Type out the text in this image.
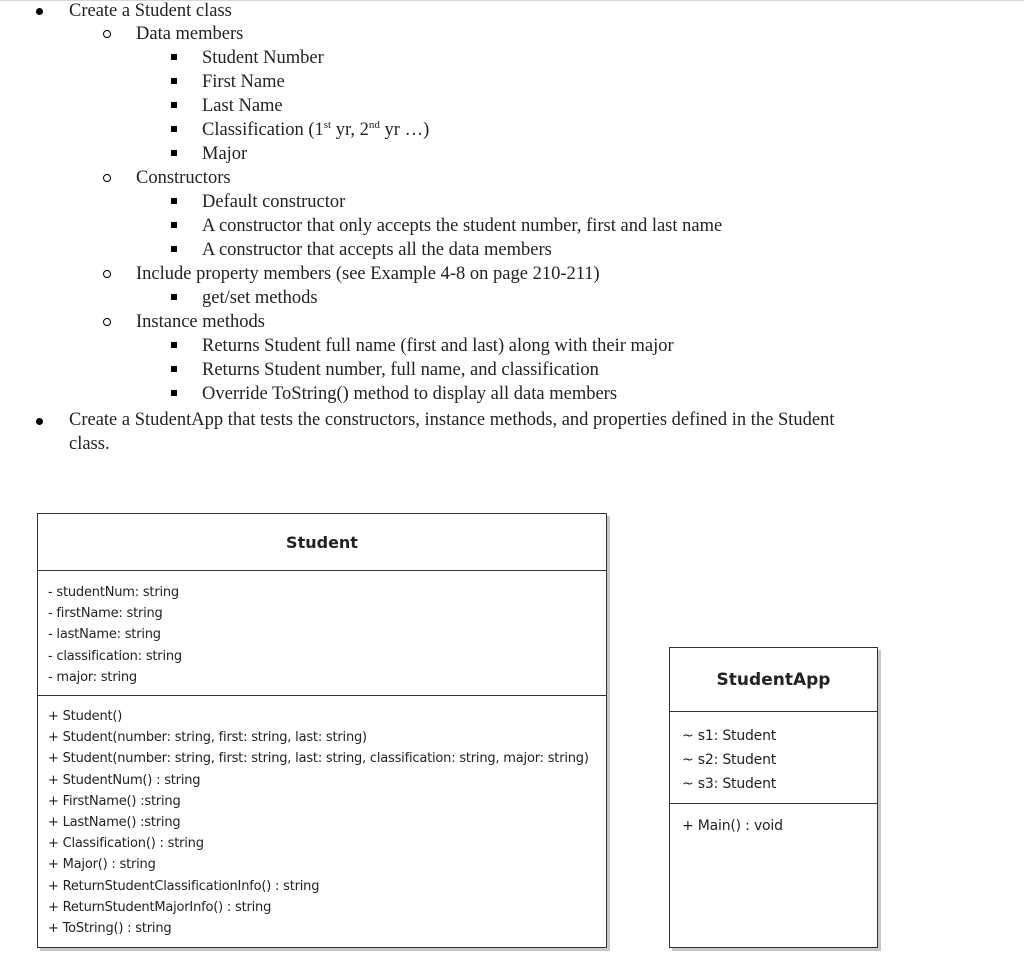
Create a Student class
Data members
Student Number
First Name
Last Name
Classification (1st yr, 2nd yr …)
Major
Constructors
Default constructor
A constructor that only accepts the student number, first and last name
A constructor that accepts all the data members
Include property members (see Example 4-8 on page 210-211)
get/set methods
Instance methods
Returns Student full name (first and last) along with their major
Returns Student number, full name, and classification
Override ToString() method to display all data members
Create a StudentApp that tests the constructors, instance methods, and properties defined in the Student
class.
Student
- studentNum: string
- firstName: string
- lastName: string
- classification: string
- major: string
+ Student()
+ Student(number: string, first: string, last: string)
+ Student(number: string, first: string, last: string, classification: string, major: string)
+ StudentNum() : string
+ FirstName() :string
+ LastName() :string
+ Classification() : string
+ Major() : string
+ ReturnStudentClassificationInfo() : string
+ ReturnStudentMajorInfo() : string
+ ToString() : string
StudentApp
~ s1: Student
~ s2: Student
~ s3: Student
+ Main() : void
